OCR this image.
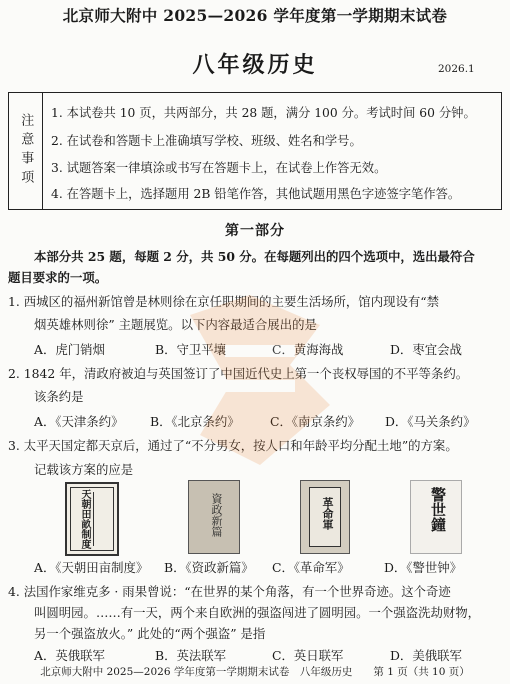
北京师大附中 2025—2026 学年度第一学期期末试卷
八年级历史	2026.1
注意事项 1. 本试卷共 10 页，共两部分，共 28 题，满分 100 分。考试时间 60 分钟。
2. 在试卷和答题卡上准确填写学校、班级、姓名和学号。
3. 试题答案一律填涂或书写在答题卡上，在试卷上作答无效。
4. 在答题卡上，选择题用 2B 铅笔作答，其他试题用黑色字迹签字笔作答。
第一部分
本部分共 25 题，每题 2 分，共 50 分。在每题列出的四个选项中，选出最符合
题目要求的一项。
1. 西城区的福州新馆曾是林则徐在京任职期间的主要生活场所，馆内现设有“禁
烟英雄林则徐” 主题展览。以下内容最适合展出的是
A．虎门销烟	B．守卫平壤	C．黄海海战	D．枣宜会战
2. 1842 年，清政府被迫与英国签订了中国近代史上第一个丧权辱国的不平等条约。
该条约是
A．《天津条约》 B．《北京条约》 C．《南京条约》 D．《马关条约》
3. 太平天国定都天京后，通过了“不分男女，按人口和年龄平均分配土地”的方案。
记载该方案的应是
天朝田畝制度	資政新篇	革命軍	警世鐘
A．《天朝田亩制度》 B．《资政新篇》 C．《革命军》	D．《警世钟》
4. 法国作家维克多 · 雨果曾说：“在世界的某个角落，有一个世界奇迹。这个奇迹
叫圆明园。……有一天，两个来自欧洲的强盗闯进了圆明园。一个强盗洗劫财物，
另一个强盗放火。” 此处的“两个强盗” 是指
A．英俄联军	B．英法联军	C．英日联军	D．美俄联军
北京师大附中 2025—2026 学年度第一学期期末试卷　八年级历史　　第 1 页（共 10 页）
